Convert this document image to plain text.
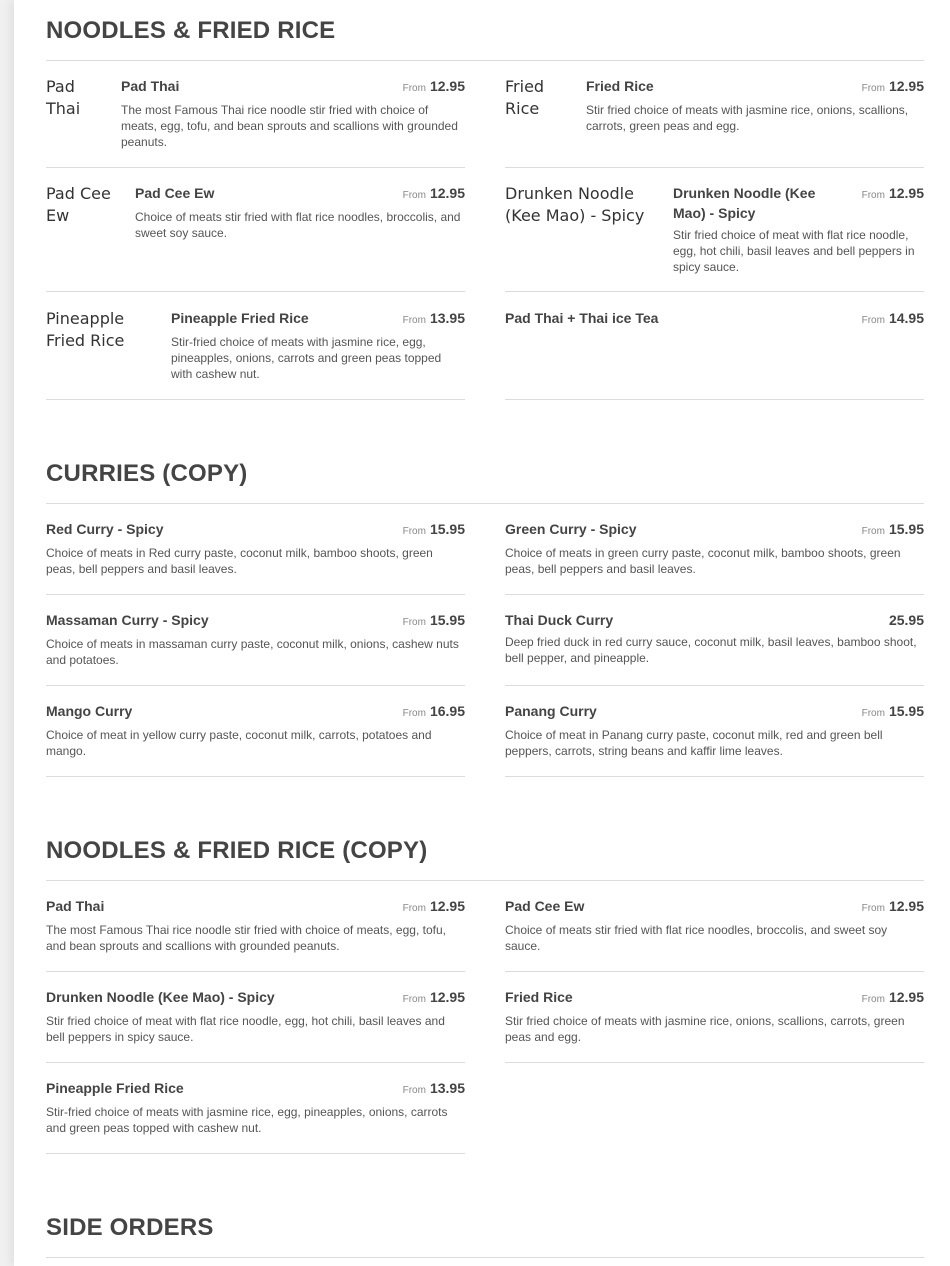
NOODLES & FRIED RICE
Pad Thai
Pad Thai	From 12.95
The most Famous Thai rice noodle stir fried with choice of meats, egg, tofu, and bean sprouts and scallions with grounded peanuts.
Fried Rice
Fried Rice	From 12.95
Stir fried choice of meats with jasmine rice, onions, scallions, carrots, green peas and egg.
Pad Cee Ew
Pad Cee Ew	From 12.95
Choice of meats stir fried with flat rice noodles, broccolis, and sweet soy sauce.
Drunken Noodle (Kee Mao) - Spicy
Drunken Noodle (Kee Mao) - Spicy
From 12.95
Stir fried choice of meat with flat rice noodle, egg, hot chili, basil leaves and bell peppers in spicy sauce.
Pineapple Fried Rice
Pineapple Fried Rice	From 13.95
Stir-fried choice of meats with jasmine rice, egg, pineapples, onions, carrots and green peas topped with cashew nut.
Pad Thai + Thai ice Tea	From 14.95
CURRIES (COPY)
Red Curry - Spicy	From 15.95
Choice of meats in Red curry paste, coconut milk, bamboo shoots, green peas, bell peppers and basil leaves.
Green Curry - Spicy	From 15.95
Choice of meats in green curry paste, coconut milk, bamboo shoots, green peas, bell peppers and basil leaves.
Massaman Curry - Spicy	From 15.95
Choice of meats in massaman curry paste, coconut milk, onions, cashew nuts and potatoes.
Thai Duck Curry	25.95
Deep fried duck in red curry sauce, coconut milk, basil leaves, bamboo shoot, bell pepper, and pineapple.
Mango Curry	From 16.95
Choice of meat in yellow curry paste, coconut milk, carrots, potatoes and mango.
Panang Curry	From 15.95
Choice of meat in Panang curry paste, coconut milk, red and green bell peppers, carrots, string beans and kaffir lime leaves.
NOODLES & FRIED RICE (COPY)
Pad Thai	From 12.95
The most Famous Thai rice noodle stir fried with choice of meats, egg, tofu, and bean sprouts and scallions with grounded peanuts.
Pad Cee Ew	From 12.95
Choice of meats stir fried with flat rice noodles, broccolis, and sweet soy sauce.
Drunken Noodle (Kee Mao) - Spicy	From 12.95
Stir fried choice of meat with flat rice noodle, egg, hot chili, basil leaves and bell peppers in spicy sauce.
Fried Rice	From 12.95
Stir fried choice of meats with jasmine rice, onions, scallions, carrots, green peas and egg.
Pineapple Fried Rice	From 13.95
Stir-fried choice of meats with jasmine rice, egg, pineapples, onions, carrots and green peas topped with cashew nut.
SIDE ORDERS
